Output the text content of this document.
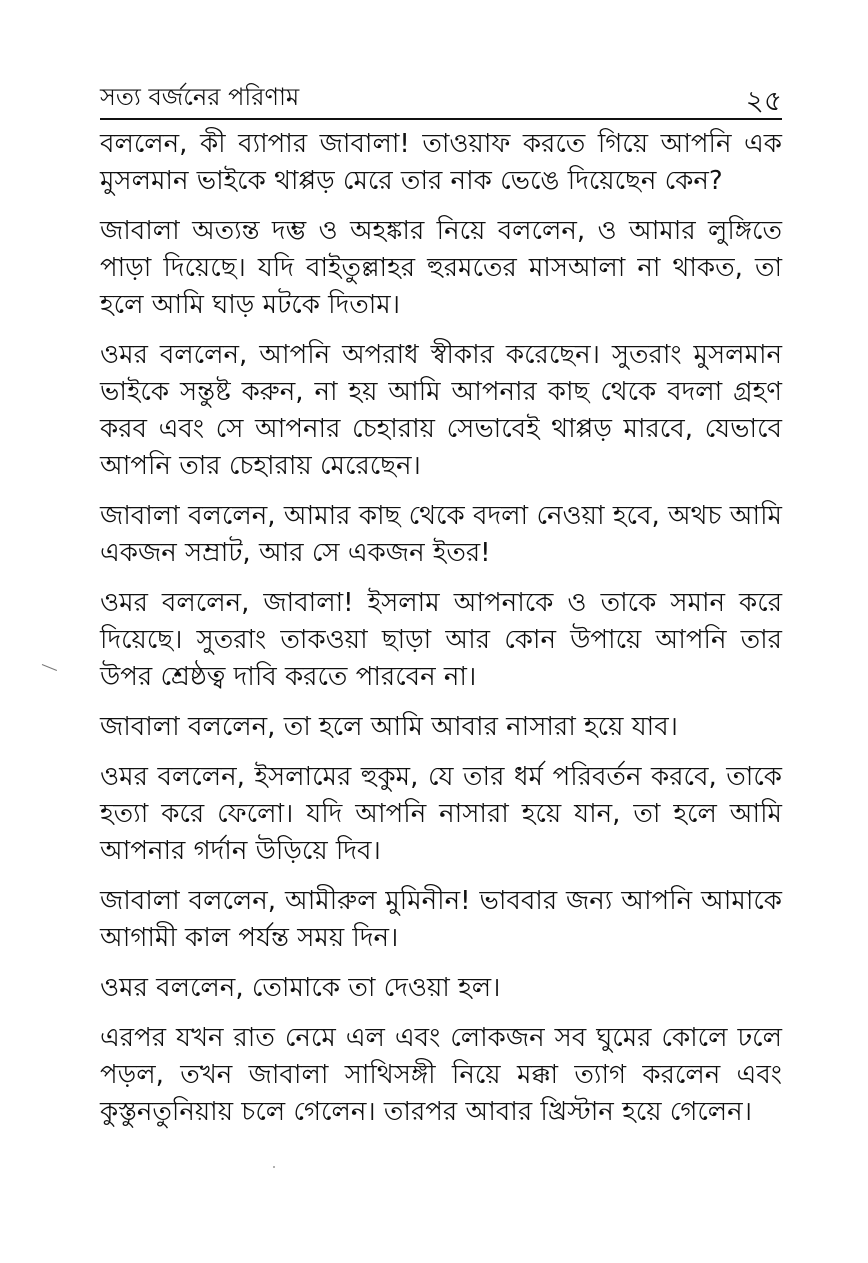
সত্য বর্জনের পরিণাম	২৫

বললেন, কী ব্যাপার জাবালা! তাওয়াফ করতে গিয়ে আপনি এক মুসলমান ভাইকে থাপ্পড় মেরে তার নাক ভেঙে দিয়েছেন কেন?

জাবালা অত্যন্ত দম্ভ ও অহঙ্কার নিয়ে বললেন, ও আমার লুঙ্গিতে পাড়া দিয়েছে। যদি বাইতুল্লাহর হুরমতের মাসআলা না থাকত, তা হলে আমি ঘাড় মটকে দিতাম।

ওমর বললেন, আপনি অপরাধ স্বীকার করেছেন। সুতরাং মুসলমান ভাইকে সন্তুষ্ট করুন, না হয় আমি আপনার কাছ থেকে বদলা গ্রহণ করব এবং সে আপনার চেহারায় সেভাবেই থাপ্পড় মারবে, যেভাবে আপনি তার চেহারায় মেরেছেন।

জাবালা বললেন, আমার কাছ থেকে বদলা নেওয়া হবে, অথচ আমি একজন সম্রাট, আর সে একজন ইতর!

ওমর বললেন, জাবালা! ইসলাম আপনাকে ও তাকে সমান করে দিয়েছে। সুতরাং তাকওয়া ছাড়া আর কোন উপায়ে আপনি তার উপর শ্রেষ্ঠত্ব দাবি করতে পারবেন না।

জাবালা বললেন, তা হলে আমি আবার নাসারা হয়ে যাব।

ওমর বললেন, ইসলামের হুকুম, যে তার ধর্ম পরিবর্তন করবে, তাকে হত্যা করে ফেলো। যদি আপনি নাসারা হয়ে যান, তা হলে আমি আপনার গর্দান উড়িয়ে দিব।

জাবালা বললেন, আমীরুল মুমিনীন! ভাববার জন্য আপনি আমাকে আগামী কাল পর্যন্ত সময় দিন।

ওমর বললেন, তোমাকে তা দেওয়া হল।

এরপর যখন রাত নেমে এল এবং লোকজন সব ঘুমের কোলে ঢলে পড়ল, তখন জাবালা সাথিসঙ্গী নিয়ে মক্কা ত্যাগ করলেন এবং কুস্তুনতুনিয়ায় চলে গেলেন। তারপর আবার খ্রিস্টান হয়ে গেলেন।
